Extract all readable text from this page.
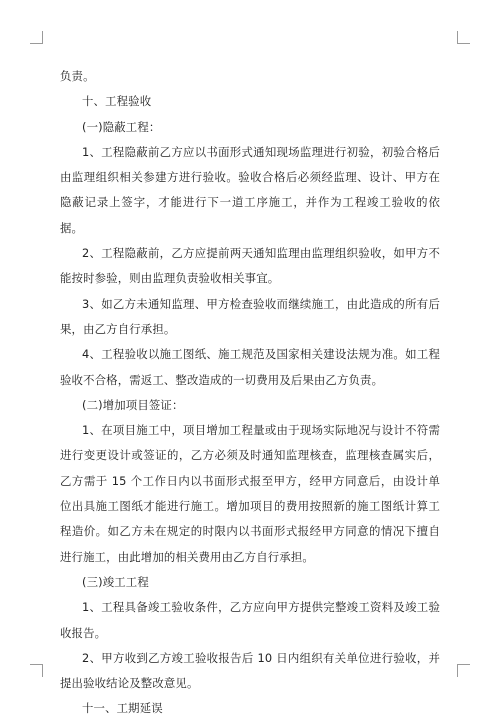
负责。

十、工程验收

(一)隐蔽工程：

1、工程隐蔽前乙方应以书面形式通知现场监理进行初验，初验合格后由监理组织相关参建方进行验收。验收合格后必须经监理、设计、甲方在隐蔽记录上签字，才能进行下一道工序施工，并作为工程竣工验收的依据。

2、工程隐蔽前，乙方应提前两天通知监理由监理组织验收，如甲方不能按时参验，则由监理负责验收相关事宜。

3、如乙方未通知监理、甲方检查验收而继续施工，由此造成的所有后果，由乙方自行承担。

4、工程验收以施工图纸、施工规范及国家相关建设法规为准。如工程验收不合格，需返工、整改造成的一切费用及后果由乙方负责。

(二)增加项目签证：

1、在项目施工中，项目增加工程量或由于现场实际地况与设计不符需进行变更设计或签证的，乙方必须及时通知监理核查，监理核查属实后，乙方需于 15 个工作日内以书面形式报至甲方，经甲方同意后，由设计单位出具施工图纸才能进行施工。增加项目的费用按照新的施工图纸计算工程造价。如乙方未在规定的时限内以书面形式报经甲方同意的情况下擅自进行施工，由此增加的相关费用由乙方自行承担。

(三)竣工工程

1、工程具备竣工验收条件，乙方应向甲方提供完整竣工资料及竣工验收报告。

2、甲方收到乙方竣工验收报告后 10 日内组织有关单位进行验收，并提出验收结论及整改意见。

十一、工期延误
